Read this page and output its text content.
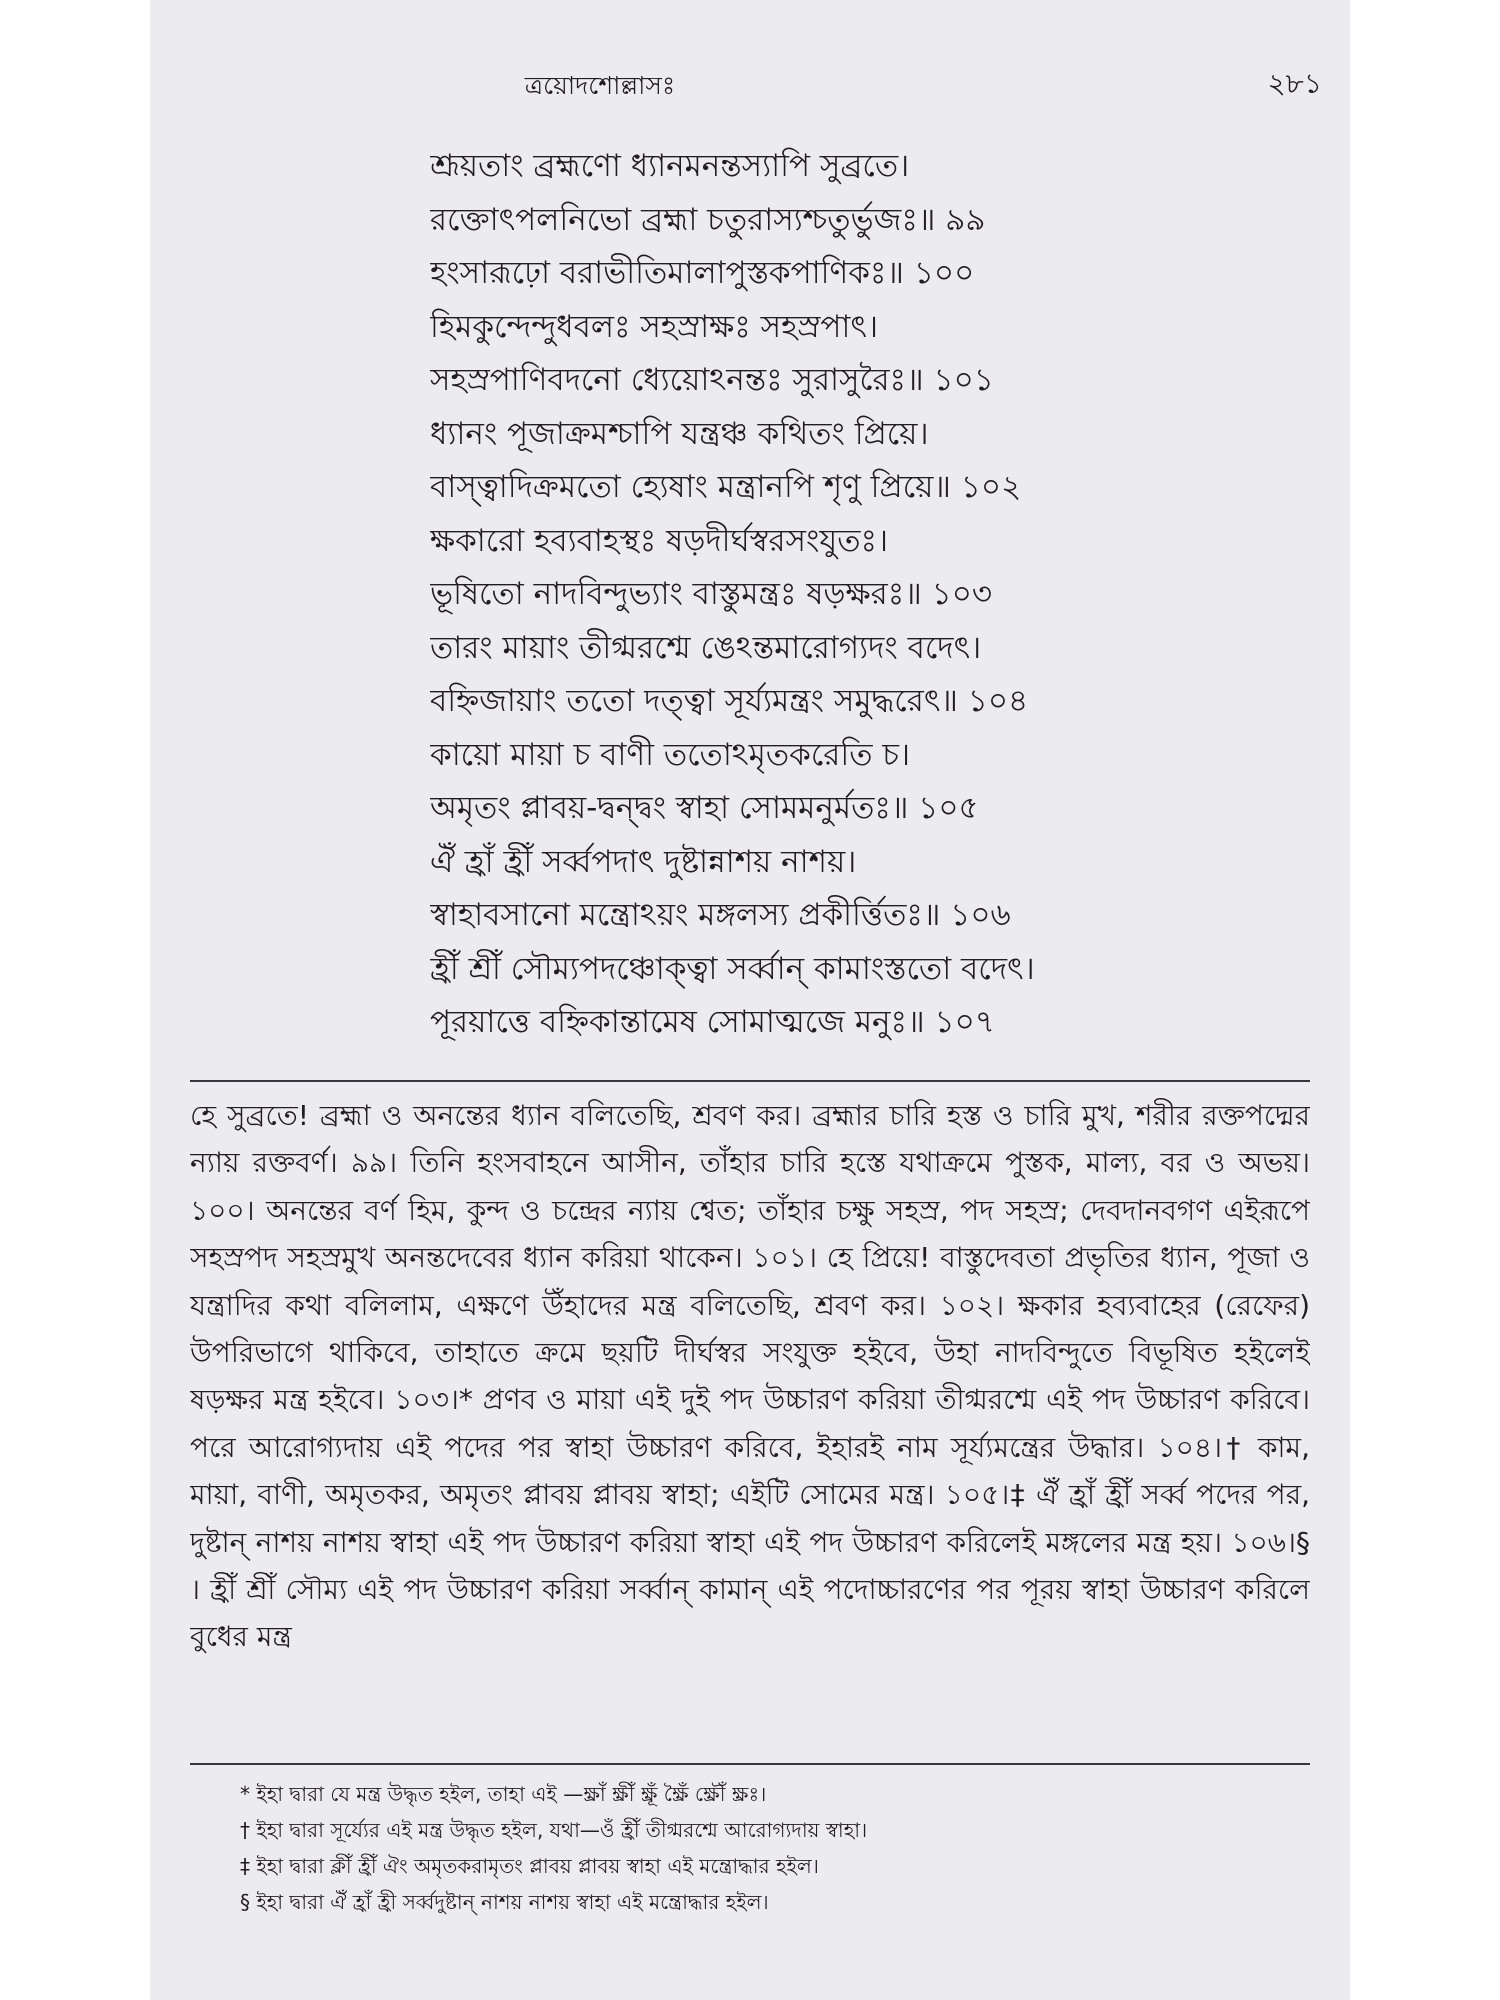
ত্রয়োদশোল্লাসঃ	২৮১
শ্রূয়তাং ব্রহ্মণো ধ্যানমনন্তস্যাপি সুব্রতে।
রক্তোৎপলনিভো ব্রহ্মা চতুরাস্যশ্চতুর্ভুজঃ॥ ৯৯
হংসারূঢ়ো বরাভীতিমালাপুস্তকপাণিকঃ॥ ১০০
হিমকুন্দেন্দুধবলঃ সহস্রাক্ষঃ সহস্রপাৎ।
সহস্রপাণিবদনো ধ্যেয়োঽনন্তঃ সুরাসুরৈঃ॥ ১০১
ধ্যানং পূজাক্রমশ্চাপি যন্ত্রঞ্চ কথিতং প্রিয়ে।
বাস্ত্বাদিক্রমতো হ্যেষাং মন্ত্রানপি শৃণু প্রিয়ে॥ ১০২
ক্ষকারো হব্যবাহস্থঃ ষড়দীর্ঘস্বরসংযুতঃ।
ভূষিতো নাদবিন্দুভ্যাং বাস্তুমন্ত্রঃ ষড়ক্ষরঃ॥ ১০৩
তারং মায়াং তীগ্মরশ্মে ঙেঽন্তমারোগ্যদং বদেৎ।
বহ্নিজায়াং ততো দত্ত্বা সূর্য্যমন্ত্রং সমুদ্ধরেৎ॥ ১০৪
কায়ো মায়া চ বাণী ততোঽমৃতকরেতি চ।
অমৃতং প্লাবয়-দ্বন্দ্বং স্বাহা সোমমনুর্মতঃ॥ ১০৫
ঐঁ হ্রাঁ হ্রীঁ সর্ব্বপদাৎ দুষ্টান্নাশয় নাশয়।
স্বাহাবসানো মন্ত্রোঽয়ং মঙ্গলস্য প্রকীর্ত্তিতঃ॥ ১০৬
হ্রীঁ শ্রীঁ সৌম্যপদঞ্চোক্ত্বা সর্ব্বান্ কামাংস্ততো বদেৎ।
পূরয়াত্তে বহ্নিকান্তামেষ সোমাত্মজে মনুঃ॥ ১০৭
হে সুব্রতে! ব্রহ্মা ও অনন্তের ধ্যান বলিতেছি, শ্রবণ কর। ব্রহ্মার চারি হস্ত ও চারি মুখ, শরীর রক্তপদ্মের ন্যায় রক্তবর্ণ। ৯৯। তিনি হংসবাহনে আসীন, তাঁহার চারি হস্তে যথাক্রমে পুস্তক, মাল্য, বর ও অভয়। ১০০। অনন্তের বর্ণ হিম, কুন্দ ও চন্দ্রের ন্যায় শ্বেত; তাঁহার চক্ষু সহস্র, পদ সহস্র; দেবদানবগণ এইরূপে সহস্রপদ সহস্রমুখ অনন্তদেবের ধ্যান করিয়া থাকেন। ১০১। হে প্রিয়ে! বাস্তুদেবতা প্রভৃতির ধ্যান, পূজা ও যন্ত্রাদির কথা বলিলাম, এক্ষণে উঁহাদের মন্ত্র বলিতেছি, শ্রবণ কর। ১০২। ক্ষকার হব্যবাহের (রেফের) উপরিভাগে থাকিবে, তাহাতে ক্রমে ছয়টি দীর্ঘস্বর সংযুক্ত হইবে, উহা নাদবিন্দুতে বিভূষিত হইলেই ষড়ক্ষর মন্ত্র হইবে। ১০৩।* প্রণব ও মায়া এই দুই পদ উচ্চারণ করিয়া তীগ্মরশ্মে এই পদ উচ্চারণ করিবে। পরে আরোগ্যদায় এই পদের পর স্বাহা উচ্চারণ করিবে, ইহারই নাম সূর্য্যমন্ত্রের উদ্ধার। ১০৪।† কাম, মায়া, বাণী, অমৃতকর, অমৃতং প্লাবয় প্লাবয় স্বাহা; এইটি সোমের মন্ত্র। ১০৫।‡ ঐঁ হ্রাঁ হ্রীঁ সর্ব্ব পদের পর, দুষ্টান্ নাশয় নাশয় স্বাহা এই পদ উচ্চারণ করিয়া স্বাহা এই পদ উচ্চারণ করিলেই মঙ্গলের মন্ত্র হয়। ১০৬।§ । হ্রীঁ শ্রীঁ সৌম্য এই পদ উচ্চারণ করিয়া সর্ব্বান্ কামান্ এই পদোচ্চারণের পর পূরয় স্বাহা উচ্চারণ করিলে বুধের মন্ত্র
* ইহা দ্বারা যে মন্ত্র উদ্ধৃত হইল, তাহা এই —ক্ষ্রাঁ ক্ষ্রীঁ ক্ষ্রূঁ ক্ষ্রৈঁ ক্ষ্রৌঁ ক্ষ্রঃ।
† ইহা দ্বারা সূর্য্যের এই মন্ত্র উদ্ধৃত হইল, যথা—ওঁ হ্রীঁ তীগ্মরশ্মে আরোগ্যদায় স্বাহা।
‡ ইহা দ্বারা ক্লীঁ হ্রীঁ ঐং অমৃতকরামৃতং প্লাবয় প্লাবয় স্বাহা এই মন্ত্রোদ্ধার হইল।
§ ইহা দ্বারা ঐঁ হ্রাঁ হ্রী সর্ব্বদুষ্টান্ নাশয় নাশয় স্বাহা এই মন্ত্রোদ্ধার হইল।
